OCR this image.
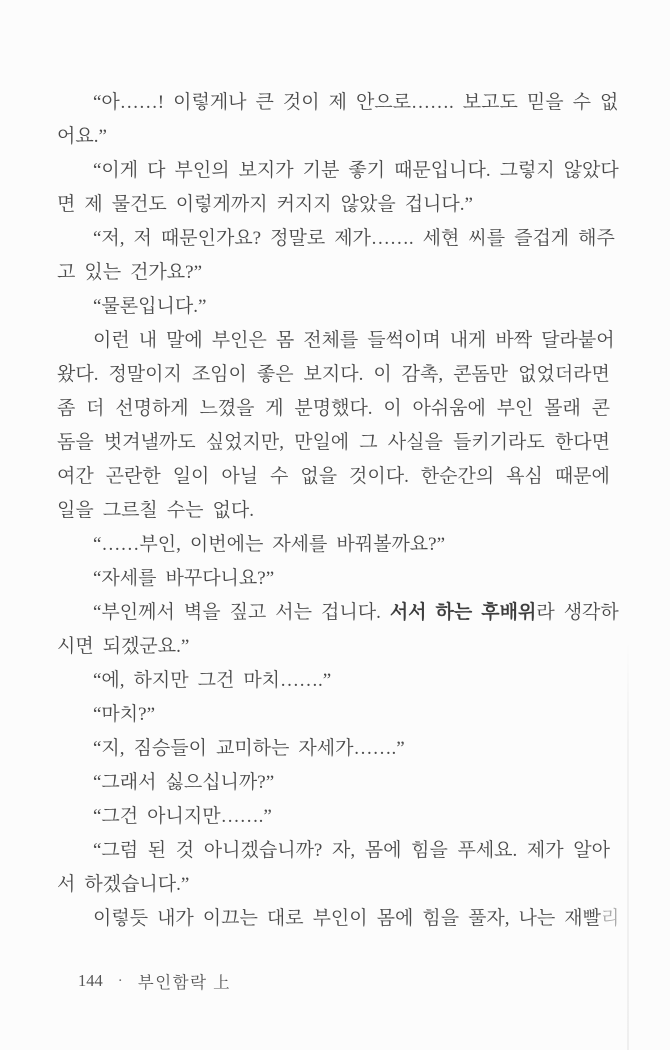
“아……! 이렇게나 큰 것이 제 안으로……. 보고도 믿을 수 없
어요.”
“이게 다 부인의 보지가 기분 좋기 때문입니다. 그렇지 않았다
면 제 물건도 이렇게까지 커지지 않았을 겁니다.”
“저, 저 때문인가요? 정말로 제가……. 세현 씨를 즐겁게 해주
고 있는 건가요?”
“물론입니다.”
이런 내 말에 부인은 몸 전체를 들썩이며 내게 바짝 달라붙어
왔다. 정말이지 조임이 좋은 보지다. 이 감촉, 콘돔만 없었더라면
좀 더 선명하게 느꼈을 게 분명했다. 이 아쉬움에 부인 몰래 콘
돔을 벗겨낼까도 싶었지만, 만일에 그 사실을 들키기라도 한다면
여간 곤란한 일이 아닐 수 없을 것이다. 한순간의 욕심 때문에
일을 그르칠 수는 없다.
“……부인, 이번에는 자세를 바꿔볼까요?”
“자세를 바꾸다니요?”
“부인께서 벽을 짚고 서는 겁니다. 서서 하는 후배위라 생각하
시면 되겠군요.”
“에, 하지만 그건 마치…….”
“마치?”
“지, 짐승들이 교미하는 자세가…….”
“그래서 싫으십니까?”
“그건 아니지만…….”
“그럼 된 것 아니겠습니까? 자, 몸에 힘을 푸세요. 제가 알아
서 하겠습니다.”
이렇듯 내가 이끄는 대로 부인이 몸에 힘을 풀자, 나는 재빨리
144 · 부인함락 上
